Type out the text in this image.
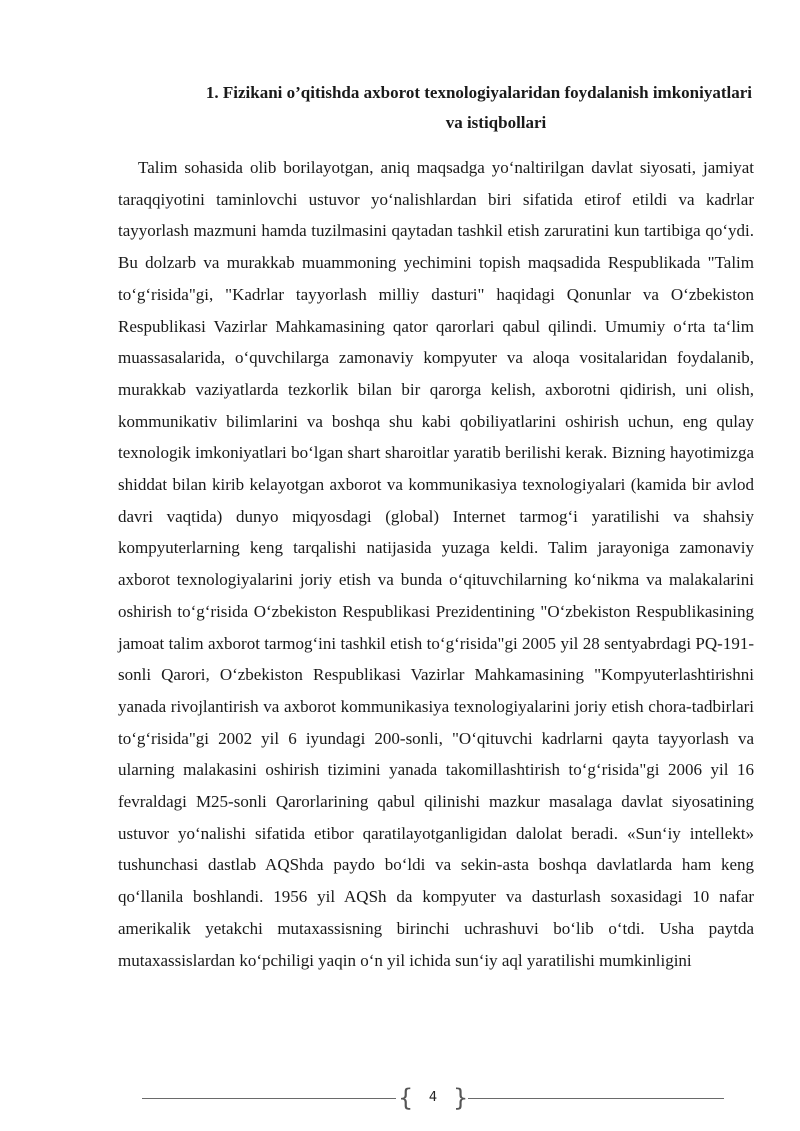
1. Fizikani o’qitishda axborot texnologiyalaridan foydalanish imkoniyatlari
va istiqbollari

Talim sohasida olib borilayotgan, aniq maqsadga yo‘naltirilgan davlat siyosati, jamiyat taraqqiyotini taminlovchi ustuvor yo‘nalishlardan biri sifatida etirof etildi va kadrlar tayyorlash mazmuni hamda tuzilmasini qaytadan tashkil etish zaruratini kun tartibiga qo‘ydi. Bu dolzarb va murakkab muammoning yechimini topish maqsadida Respublikada "Talim to‘g‘risida"gi, "Kadrlar tayyorlash milliy dasturi" haqidagi Qonunlar va O‘zbekiston Respublikasi Vazirlar Mahkamasining qator qarorlari qabul qilindi. Umumiy o‘rta ta‘lim muassasalarida, o‘quvchilarga zamonaviy kompyuter va aloqa vositalaridan foydalanib, murakkab vaziyatlarda tezkorlik bilan bir qarorga kelish, axborotni qidirish, uni olish, kommunikativ bilimlarini va boshqa shu kabi qobiliyatlarini oshirish uchun, eng qulay texnologik imkoniyatlari bo‘lgan shart sharoitlar yaratib berilishi kerak. Bizning hayotimizga shiddat bilan kirib kelayotgan axborot va kommunikasiya texnologiyalari (kamida bir avlod davri vaqtida) dunyo miqyosdagi (global) Internet tarmog‘i yaratilishi va shahsiy kompyuterlarning keng tarqalishi natijasida yuzaga keldi. Talim jarayoniga zamonaviy axborot texnologiyalarini joriy etish va bunda o‘qituvchilarning ko‘nikma va malakalarini oshirish to‘g‘risida O‘zbekiston Respublikasi Prezidentining "O‘zbekiston Respublikasining jamoat talim axborot tarmog‘ini tashkil etish to‘g‘risida"gi 2005 yil 28 sentyabrdagi PQ-191-sonli Qarori, O‘zbekiston Respublikasi Vazirlar Mahkamasining "Kompyuterlashtirishni yanada rivojlantirish va axborot kommunikasiya texnologiyalarini joriy etish chora-tadbirlari to‘g‘risida"gi 2002 yil 6 iyundagi 200-sonli, "O‘qituvchi kadrlarni qayta tayyorlash va ularning malakasini oshirish tizimini yanada takomillashtirish to‘g‘risida"gi 2006 yil 16 fevraldagi M25-sonli Qarorlarining qabul qilinishi mazkur masalaga davlat siyosatining ustuvor yo‘nalishi sifatida etibor qaratilayotganligidan dalolat beradi. «Sun‘iy intellekt» tushunchasi dastlab AQShda paydo bo‘ldi va sekin-asta boshqa davlatlarda ham keng qo‘llanila boshlandi. 1956 yil AQSh da kompyuter va dasturlash soxasidagi 10 nafar amerikalik yetakchi mutaxassisning birinchi uchrashuvi bo‘lib o‘tdi. Usha paytda mutaxassislardan ko‘pchiligi yaqin o‘n yil ichida sun‘iy aql yaratilishi mumkinligini

{	4 }
